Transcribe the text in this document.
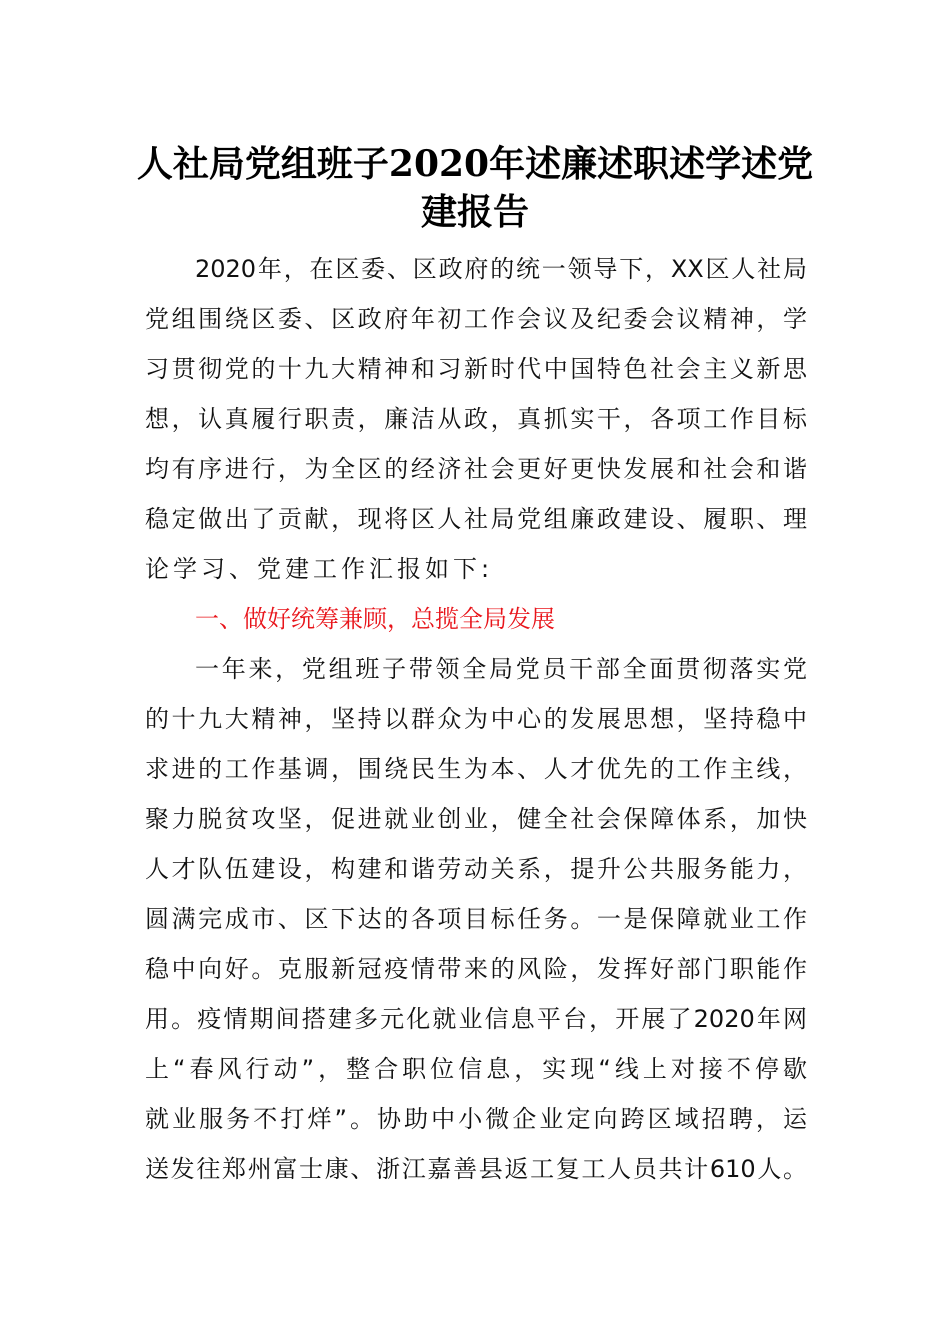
人社局党组班子2020年述廉述职述学述党
建报告
2020年，在区委、区政府的统一领导下，XX区人社局
党组围绕区委、区政府年初工作会议及纪委会议精神，学
习贯彻党的十九大精神和习新时代中国特色社会主义新思
想，认真履行职责，廉洁从政，真抓实干，各项工作目标
均有序进行，为全区的经济社会更好更快发展和社会和谐
稳定做出了贡献，现将区人社局党组廉政建设、履职、理
论学习、党建工作汇报如下:
一、做好统筹兼顾，总揽全局发展
一年来，党组班子带领全局党员干部全面贯彻落实党
的十九大精神，坚持以群众为中心的发展思想，坚持稳中
求进的工作基调，围绕民生为本、人才优先的工作主线，
聚力脱贫攻坚，促进就业创业，健全社会保障体系，加快
人才队伍建设，构建和谐劳动关系，提升公共服务能力，
圆满完成市、区下达的各项目标任务。一是保障就业工作
稳中向好。克服新冠疫情带来的风险，发挥好部门职能作
用。疫情期间搭建多元化就业信息平台，开展了2020年网
上“春风行动”，整合职位信息，实现“线上对接不停歇
就业服务不打烊”。协助中小微企业定向跨区域招聘，运
送发往郑州富士康、浙江嘉善县返工复工人员共计610人。
